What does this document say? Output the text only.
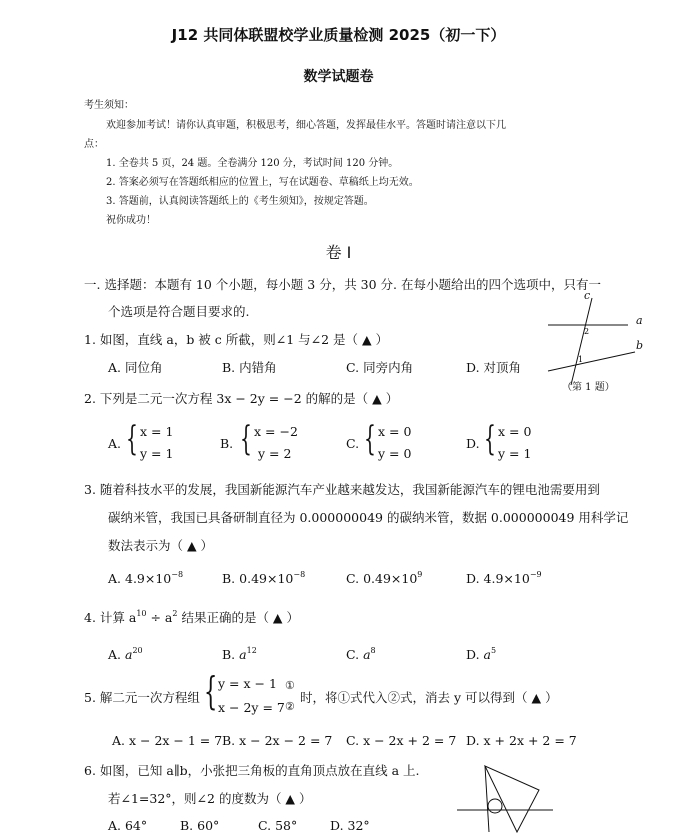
J12 共同体联盟校学业质量检测 2025（初一下）
数学试题卷
考生须知：
欢迎参加考试！请你认真审题，积极思考，细心答题，发挥最佳水平。答题时请注意以下几
点：
1. 全卷共 5 页，24 题。全卷满分 120 分，考试时间 120 分钟。
2. 答案必须写在答题纸相应的位置上，写在试题卷、草稿纸上均无效。
3. 答题前，认真阅读答题纸上的《考生须知》，按规定答题。
祝你成功！
卷 I
一. 选择题：本题有 10 个小题，每小题 3 分，共 30 分. 在每小题给出的四个选项中，只有一
个选项是符合题目要求的.
1
2
c
a
b
（第 1 题）
1. 如图，直线 a，b 被 c 所截，则∠1 与∠2 是（ ▲ ）
A. 同位角	B. 内错角	C. 同旁内角	D. 对顶角
2. 下列是二元一次方程 3x − 2y = −2 的解的是（ ▲ ）
A. { x = 1
y = 1
B. { x = −2
y = 2
C. { x = 0
y = 0
D. { x = 0
y = 1
3. 随着科技水平的发展，我国新能源汽车产业越来越发达，我国新能源汽车的锂电池需要用到
碳纳米管，我国已具备研制直径为 0.000000049 的碳纳米管，数据 0.000000049 用科学记
数法表示为（ ▲ ）
A. $4.9\times 10^{-8}$	B. $0.49\times 10^{-8}$	C. $0.49\times 10^9$	D. $4.9\times 10^{-9}$
4. 计算 $a^{10} \div a^2$ 结果正确的是（ ▲ ）
A. $a^{20}$	B. $a^{12}$	C. $a^8$	D. $a^5$
5. 解二元一次方程组 { y = x − 1
x − 2y = 7
①
②
时，将①式代入②式，消去 y 可以得到（ ▲ ）
A. x − 2x − 1 = 7 B. x − 2x − 2 = 7 C. x − 2x + 2 = 7 D. x + 2x + 2 = 7
6. 如图，已知 a∥b，小张把三角板的直角顶点放在直线 a 上.
若∠1=32°，则∠2 的度数为（ ▲ ）
A. 64°	B. 60°	C. 58°	D. 32°
